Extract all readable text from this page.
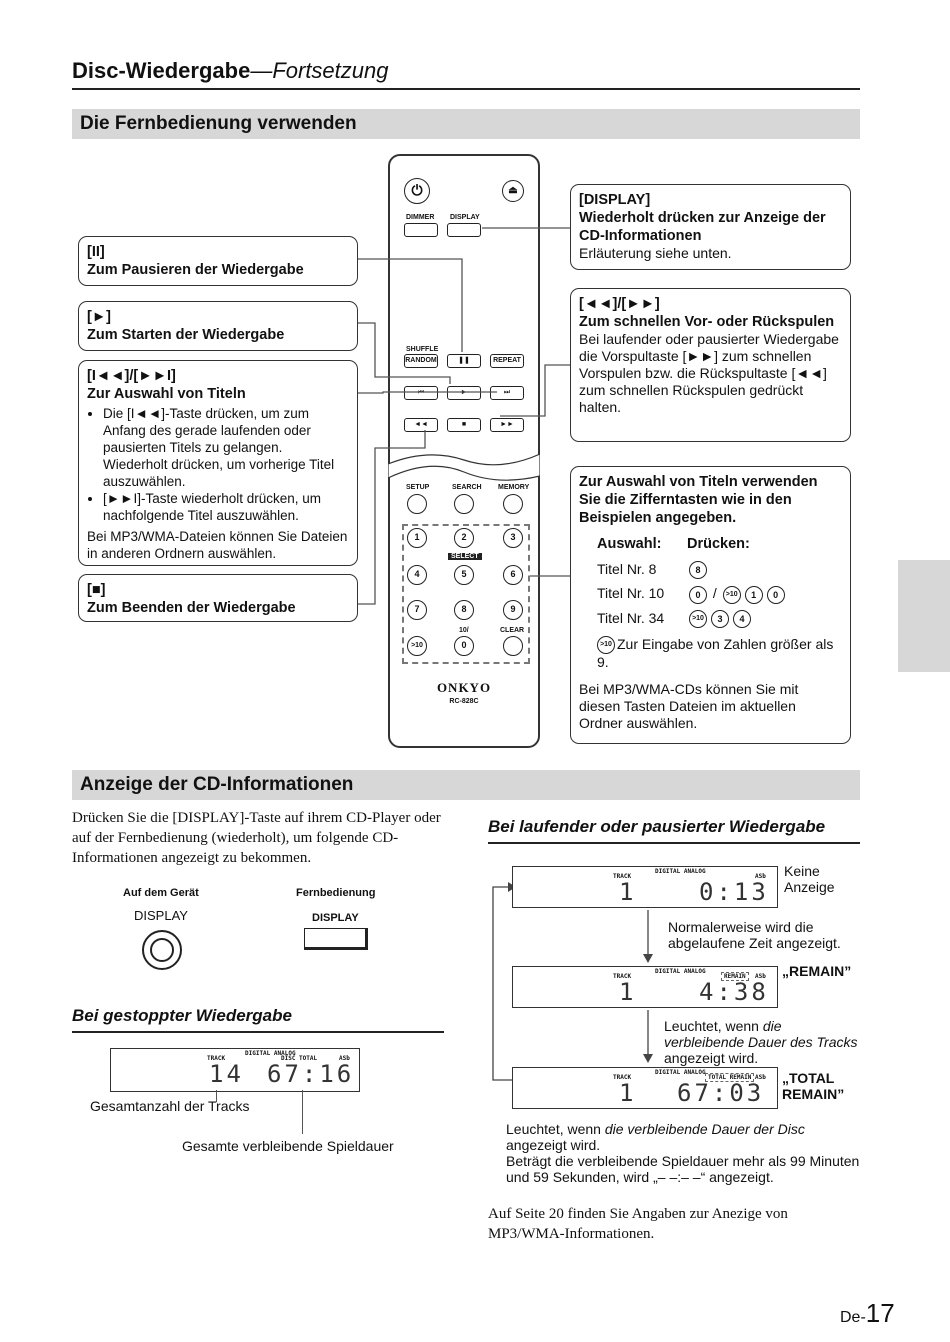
Disc-Wiedergabe—Fortsetzung
Die Fernbedienung verwenden
⏻	⏏
DIMMER DISPLAY
SHUFFLE
RANDOM	❚❚	REPEAT
⏮	►	⏭
◄◄	■	►►
SETUP	SEARCH MEMORY
SELECT
1	2	3
4	5	6
7	8	9
10/	CLEAR
>10	0
ONKYO
RC-828C
[II]
Zum Pausieren der Wiedergabe
[►]
Zum Starten der Wiedergabe
[I◄◄]/[►►I]
Zur Auswahl von Titeln
• Die [I◄◄]-Taste drücken, um zum Anfang des gerade laufenden oder pausierten Titels zu gelangen. Wiederholt drücken, um vorherige Titel auszuwählen.
• [►►I]-Taste wiederholt drücken, um nachfolgende Titel auszuwählen.
Bei MP3/WMA-Dateien können Sie Dateien in anderen Ordnern auswählen.
[■]
Zum Beenden der Wiedergabe
[DISPLAY]
Wiederholt drücken zur Anzeige der CD-Informationen
Erläuterung siehe unten.
[◄◄]/[►►]
Zum schnellen Vor- oder Rückspulen
Bei laufender oder pausierter Wiedergabe die Vorspultaste [►►] zum schnellen Vorspulen bzw. die Rückspultaste [◄◄] zum schnellen Rückspulen gedrückt halten.
Zur Auswahl von Titeln verwenden Sie die Zifferntasten wie in den Beispielen angegeben.
Auswahl: Drücken:
Titel Nr. 8	8
Titel Nr. 10	0 / >10 1 0
Titel Nr. 34	>10 3 4
>10 Zur Eingabe von Zahlen größer als 9.
Bei MP3/WMA-CDs können Sie mit diesen Tasten Dateien im aktuellen Ordner auswählen.
Anzeige der CD-Informationen
Drücken Sie die [DISPLAY]-Taste auf ihrem CD-Player oder auf der Fernbedienung (wiederholt), um folgende CD-Informationen angezeigt zu bekommen.
Auf dem Gerät
DISPLAY
Fernbedienung
DISPLAY
Bei gestoppter Wiedergabe
TRACK
DIGITAL ANALOG
DISC TOTAL	ASb
14 67:16
Gesamtanzahl der Tracks
Gesamte verbleibende Spieldauer
Bei laufender oder pausierter Wiedergabe
TRACK
DIGITAL ANALOG
ASb
1	0:13
Keine Anzeige
Normalerweise wird die abgelaufene Zeit angezeigt.
TRACK
DIGITAL ANALOG
REMAIN	ASb
1	4:38
„REMAIN”
Leuchtet, wenn die verbleibende Dauer des Tracks angezeigt wird.
TRACK
DIGITAL ANALOG
TOTAL REMAIN ASb
1 67:03
„TOTAL REMAIN”
Leuchtet, wenn die verbleibende Dauer der Disc angezeigt wird.
Beträgt die verbleibende Spieldauer mehr als 99 Minuten und 59 Sekunden, wird „– –:– –“ angezeigt.
Auf Seite 20 finden Sie Angaben zur Anezige von MP3/WMA-Informationen.
De-17
